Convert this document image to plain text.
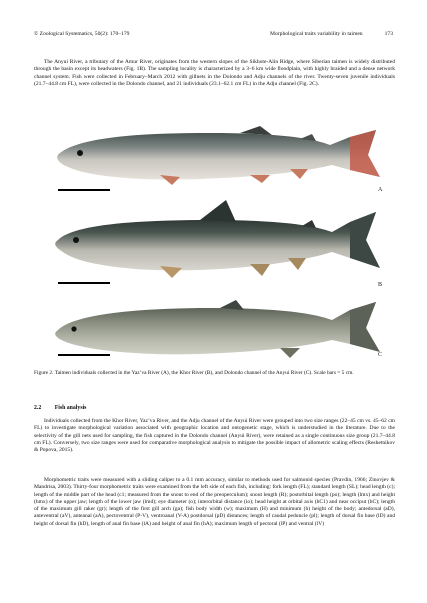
© Zoological Systematics, 50(2): 170–179	Morphological traits variability in taimen	173

The Anyui River, a tributary of the Amur River, originates from the western slopes of the Sikhote-Alin Ridge, where Siberian taimen is widely distributed through the basin except its headwaters (Fig. 1B). The sampling locality is characterized by a 3–6 km wide floodplain, with highly braided and a dense network channel system. Fish were collected in February–March 2012 with gillnets in the Dolondo and Adju channels of the river. Twenty-seven juvenile individuals (21.7–44.8 cm FL), were collected in the Dolondo channel, and 21 individuals (23.1–62.1 cm FL) in the Adju channel (Fig. 2C).

A
B
C

Figure 2. Taimen individuals collected in the Yaz’va River (A), the Khor River (B), and Dolondo channel of the Anyui River (C). Scale bars = 5 cm.

2.2 Fish analysis

Individuals collected from the Khor River, Yaz’va River, and the Adju channel of the Anyui River were grouped into two size ranges (22–45 cm vs. 45–62 cm FL) to investigate morphological variation associated with geographic location and ontogenetic stage, which is understudied in the literature. Due to the selectivity of the gill nets used for sampling, the fish captured in the Dolondo channel (Anyui River), were retained as a single continuous size group (21.7–44.8 cm FL). Conversely, two size ranges were used for comparative morphological analysis to mitigate the possible impact of allometric scaling effects (Reshetnikov & Popova, 2015).

Morphometric traits were measured with a sliding caliper to a 0.1 mm accuracy, similar to methods used for salmonid species (Pravdin, 1966; Zinovjev & Mandrisa, 2003). Thirty-four morphometric traits were examined from the left side of each fish, including: fork length (FL); standard length (SL); head length (c); length of the middle part of the head (c1; measured from the snout to end of the preoperculum); snout length (R); postorbital length (po); length (lmx) and height (hmx) of the upper jaw; length of the lower jaw (lmd); eye diameter (o); interorbital distance (io); head height at orbital axis (hC1) and near occiput (hC); length of the maximum gill raker (gr); length of the first gill arch (ga); fish body width (w); maximum (H) and minimum (h) height of the body; antedorsal (aD), anteventral (aV), anteanal (aA), pectoventral (P-V), ventroanal (V-A) postdorsal (pD) distances; length of caudal peduncle (pl); length of dorsal fin base (lD) and height of dorsal fin (hD), length of anal fin base (lA) and height of anal fin (hA); maximum length of pectoral (lP) and ventral (lV)
